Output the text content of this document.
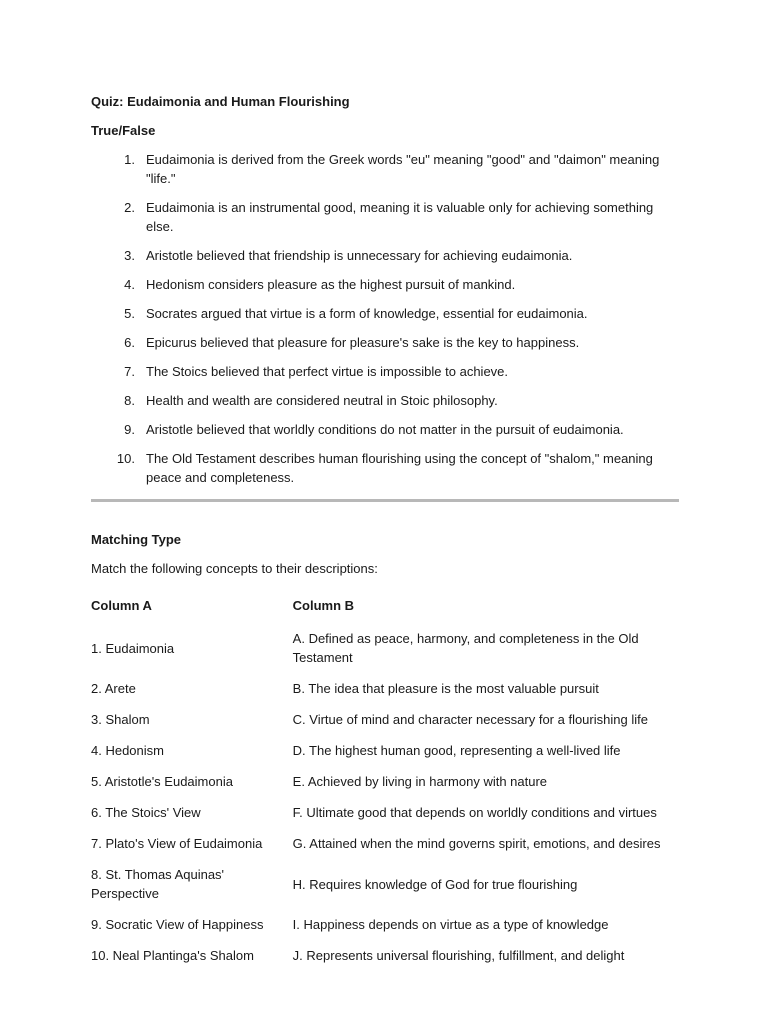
Quiz: Eudaimonia and Human Flourishing
True/False
1. Eudaimonia is derived from the Greek words "eu" meaning "good" and "daimon" meaning "life."
2. Eudaimonia is an instrumental good, meaning it is valuable only for achieving something else.
3. Aristotle believed that friendship is unnecessary for achieving eudaimonia.
4. Hedonism considers pleasure as the highest pursuit of mankind.
5. Socrates argued that virtue is a form of knowledge, essential for eudaimonia.
6. Epicurus believed that pleasure for pleasure's sake is the key to happiness.
7. The Stoics believed that perfect virtue is impossible to achieve.
8. Health and wealth are considered neutral in Stoic philosophy.
9. Aristotle believed that worldly conditions do not matter in the pursuit of eudaimonia.
10. The Old Testament describes human flourishing using the concept of "shalom," meaning peace and completeness.
Matching Type
Match the following concepts to their descriptions:
Column A	Column B
1. Eudaimonia	A. Defined as peace, harmony, and completeness in the Old Testament
2. Arete	B. The idea that pleasure is the most valuable pursuit
3. Shalom	C. Virtue of mind and character necessary for a flourishing life
4. Hedonism	D. The highest human good, representing a well-lived life
5. Aristotle's Eudaimonia	E. Achieved by living in harmony with nature
6. The Stoics' View	F. Ultimate good that depends on worldly conditions and virtues
7. Plato's View of Eudaimonia	G. Attained when the mind governs spirit, emotions, and desires
8. St. Thomas Aquinas' Perspective	H. Requires knowledge of God for true flourishing
9. Socratic View of Happiness	I. Happiness depends on virtue as a type of knowledge
10. Neal Plantinga's Shalom	J. Represents universal flourishing, fulfillment, and delight
